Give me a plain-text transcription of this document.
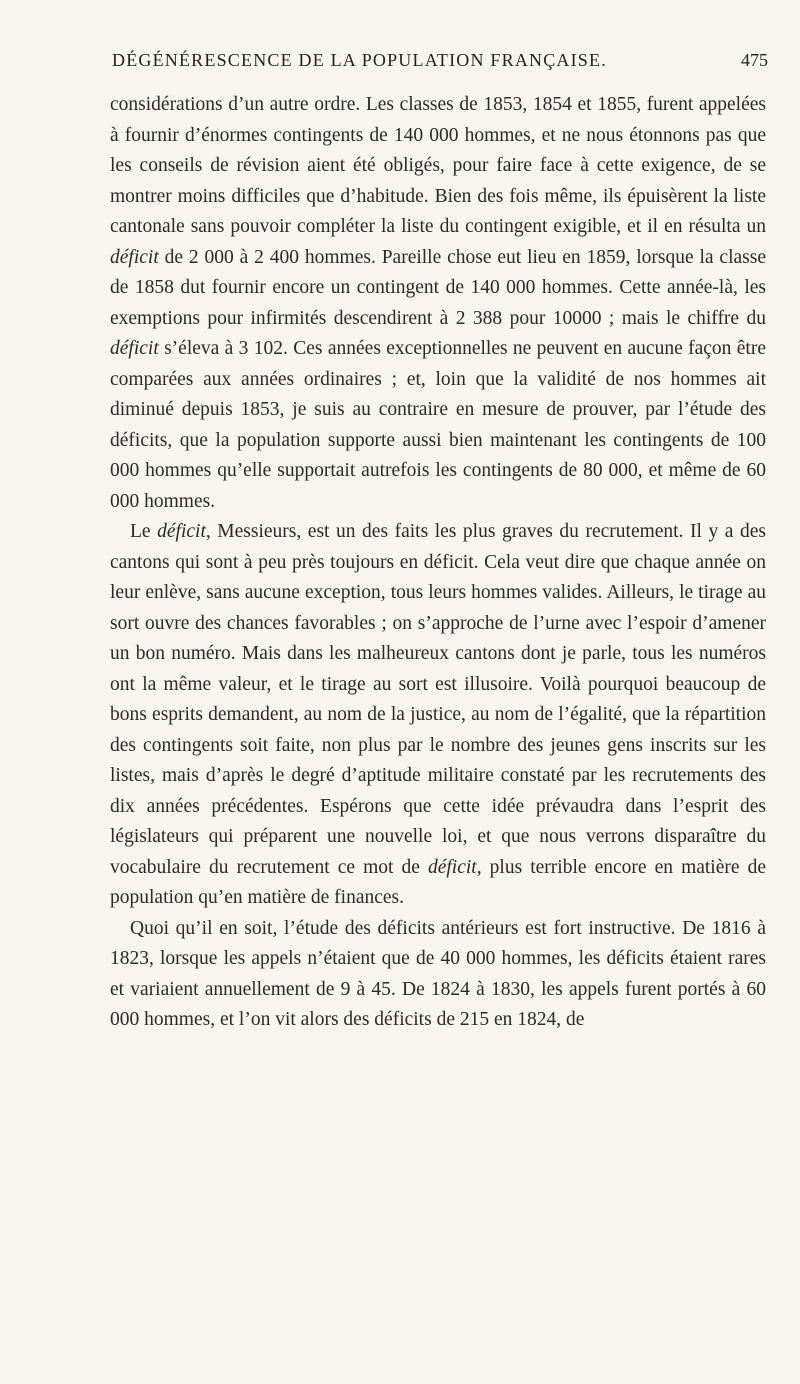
DÉGÉNÉRESCENCE DE LA POPULATION FRANÇAISE.	475

considérations d’un autre ordre. Les classes de 1853, 1854 et 1855, furent appelées à fournir d’énormes contingents de 140 000 hommes, et ne nous étonnons pas que les conseils de révision aient été obligés, pour faire face à cette exigence, de se montrer moins difficiles que d’habitude. Bien des fois même, ils épuisèrent la liste cantonale sans pouvoir compléter la liste du contingent exigible, et il en résulta un déficit de 2 000 à 2 400 hommes. Pareille chose eut lieu en 1859, lorsque la classe de 1858 dut fournir encore un contingent de 140 000 hommes. Cette année-là, les exemptions pour infirmités descendirent à 2 388 pour 10000 ; mais le chiffre du déficit s’éleva à 3 102. Ces années exceptionnelles ne peuvent en aucune façon être comparées aux années ordinaires ; et, loin que la validité de nos hommes ait diminué depuis 1853, je suis au contraire en mesure de prouver, par l’étude des déficits, que la population supporte aussi bien maintenant les contingents de 100 000 hommes qu’elle supportait autrefois les contingents de 80 000, et même de 60 000 hommes.

Le déficit, Messieurs, est un des faits les plus graves du recrutement. Il y a des cantons qui sont à peu près toujours en déficit. Cela veut dire que chaque année on leur enlève, sans aucune exception, tous leurs hommes valides. Ailleurs, le tirage au sort ouvre des chances favorables ; on s’approche de l’urne avec l’espoir d’amener un bon numéro. Mais dans les malheureux cantons dont je parle, tous les numéros ont la même valeur, et le tirage au sort est illusoire. Voilà pourquoi beaucoup de bons esprits demandent, au nom de la justice, au nom de l’égalité, que la répartition des contingents soit faite, non plus par le nombre des jeunes gens inscrits sur les listes, mais d’après le degré d’aptitude militaire constaté par les recrutements des dix années précédentes. Espérons que cette idée prévaudra dans l’esprit des législateurs qui préparent une nouvelle loi, et que nous verrons disparaître du vocabulaire du recrutement ce mot de déficit, plus terrible encore en matière de population qu’en matière de finances.

Quoi qu’il en soit, l’étude des déficits antérieurs est fort instructive. De 1816 à 1823, lorsque les appels n’étaient que de 40 000 hommes, les déficits étaient rares et variaient annuellement de 9 à 45. De 1824 à 1830, les appels furent portés à 60 000 hommes, et l’on vit alors des déficits de 215 en 1824, de
